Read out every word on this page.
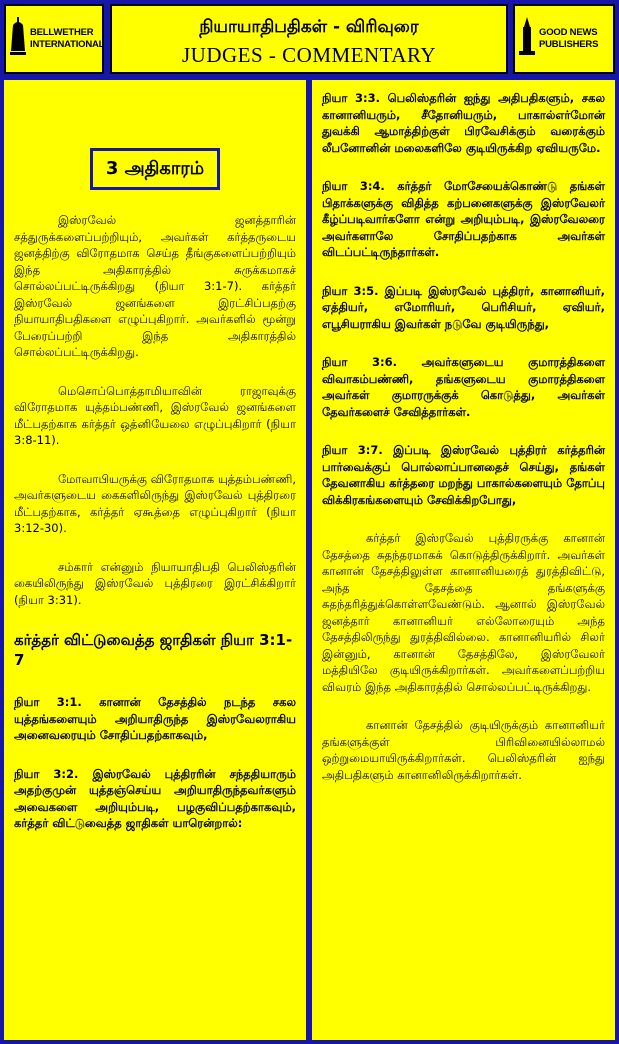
BELLWETHER
INTERNATIONAL
நியாயாதிபதிகள் - விரிவுரை
JUDGES - COMMENTARY
GOOD NEWS
PUBLISHERS
3 அதிகாரம்

இஸ்ரவேல் ஜனத்தாரின் சத்துருக்களைப்பற்றியும், அவர்கள் கர்த்தருடைய ஜனத்திற்கு விரோதமாக செய்த தீங்குகளைப்பற்றியும் இந்த அதிகாரத்தில் சுருக்கமாகச் சொல்லப்பட்டிருக்கிறது (நியா 3:1-7). கர்த்தர் இஸ்ரவேல் ஜனங்களை இரட்சிப்பதற்கு நியாயாதிபதிகளை எழுப்புகிறார். அவர்களில் மூன்று பேரைப்பற்றி இந்த அதிகாரத்தில் சொல்லப்பட்டிருக்கிறது.

மெசொப்பொத்தாமியாவின் ராஜாவுக்கு விரோதமாக யுத்தம்பண்ணி, இஸ்ரவேல் ஜனங்களை மீட்பதற்காக கர்த்தர் ஒத்னியேலை எழுப்புகிறார் (நியா 3:8-11).

மோவாபியருக்கு விரோதமாக யுத்தம்பண்ணி, அவர்களுடைய கைகளிலிருந்து இஸ்ரவேல் புத்திரரை மீட்பதற்காக, கர்த்தர் ஏகூத்தை எழுப்புகிறார் (நியா 3:12-30).

சம்கார் என்னும் நியாயாதிபதி பெலிஸ்தரின் கையிலிருந்து இஸ்ரவேல் புத்திரரை இரட்சிக்கிறார் (நியா 3:31).

கர்த்தர் விட்டுவைத்த ஜாதிகள் நியா 3:1-7

நியா 3:1. கானான் தேசத்தில் நடந்த சகல யுத்தங்களையும் அறியாதிருந்த இஸ்ரவேலராகிய அனைவரையும் சோதிப்பதற்காகவும்,

நியா 3:2. இஸ்ரவேல் புத்திரரின் சந்ததியாரும் அதற்குமுன் யுத்தஞ்செய்ய அறியாதிருந்தவர்களும் அவைகளை அறியும்படி, பழகுவிப்பதற்காகவும், கர்த்தர் விட்டுவைத்த ஜாதிகள் யாரென்றால்:

நியா 3:3. பெலிஸ்தரின் ஐந்து அதிபதிகளும், சகல கானானியரும், சீதோனியரும், பாகால்எர்மோன் துவக்கி ஆமாத்திற்குள் பிரவேசிக்கும் வரைக்கும் லீபனோனின் மலைகளிலே குடியிருக்கிற ஏவியருமே.

நியா 3:4. கர்த்தர் மோசேயைக்கொண்டு தங்கள் பிதாக்களுக்கு விதித்த கற்பனைகளுக்கு இஸ்ரவேலர் கீழ்ப்படிவார்களோ என்று அறியும்படி, இஸ்ரவேலரை அவர்களாலே சோதிப்பதற்காக அவர்கள் விடப்பட்டிருந்தார்கள்.

நியா 3:5. இப்படி இஸ்ரவேல் புத்திரர், கானானியர், ஏத்தியர், எமோரியர், பெரிசியர், ஏவியர், எபூசியராகிய இவர்கள் நடுவே குடியிருந்து,

நியா 3:6. அவர்களுடைய குமாரத்திகளை விவாகம்பண்ணி, தங்களுடைய குமாரத்திகளை அவர்கள் குமாரருக்குக் கொடுத்து, அவர்கள் தேவர்களைச் சேவித்தார்கள்.

நியா 3:7. இப்படி இஸ்ரவேல் புத்திரர் கர்த்தரின் பார்வைக்குப் பொல்லாப்பானதைச் செய்து, தங்கள் தேவனாகிய கர்த்தரை மறந்து பாகால்களையும் தோப்பு விக்கிரகங்களையும் சேவிக்கிறபோது,

கர்த்தர் இஸ்ரவேல் புத்திரருக்கு கானான் தேசத்தை சுதந்தரமாகக் கொடுத்திருக்கிறார். அவர்கள் கானான் தேசத்திலுள்ள கானானியரைத் துரத்திவிட்டு, அந்த தேசத்தை தங்களுக்கு சுதந்தரித்துக்கொள்ளவேண்டும். ஆனால் இஸ்ரவேல் ஜனத்தார் கானானியர் எல்லோரையும் அந்த தேசத்திலிருந்து துரத்திவில்லை. கானானியரில் சிலர் இன்னும், கானான் தேசத்திலே, இஸ்ரவேலர் மத்தியிலே குடியிருக்கிறார்கள். அவர்களைப்பற்றிய விவரம் இந்த அதிகாரத்தில் சொல்லப்பட்டிருக்கிறது.

கானான் தேசத்தில் குடியிருக்கும் கானானியர் தங்களுக்குள் பிரிவினையில்லாமல் ஒற்றுமையாயிருக்கிறார்கள். பெலிஸ்தரின் ஐந்து அதிபதிகளும் கானானிலிருக்கிறார்கள்.
